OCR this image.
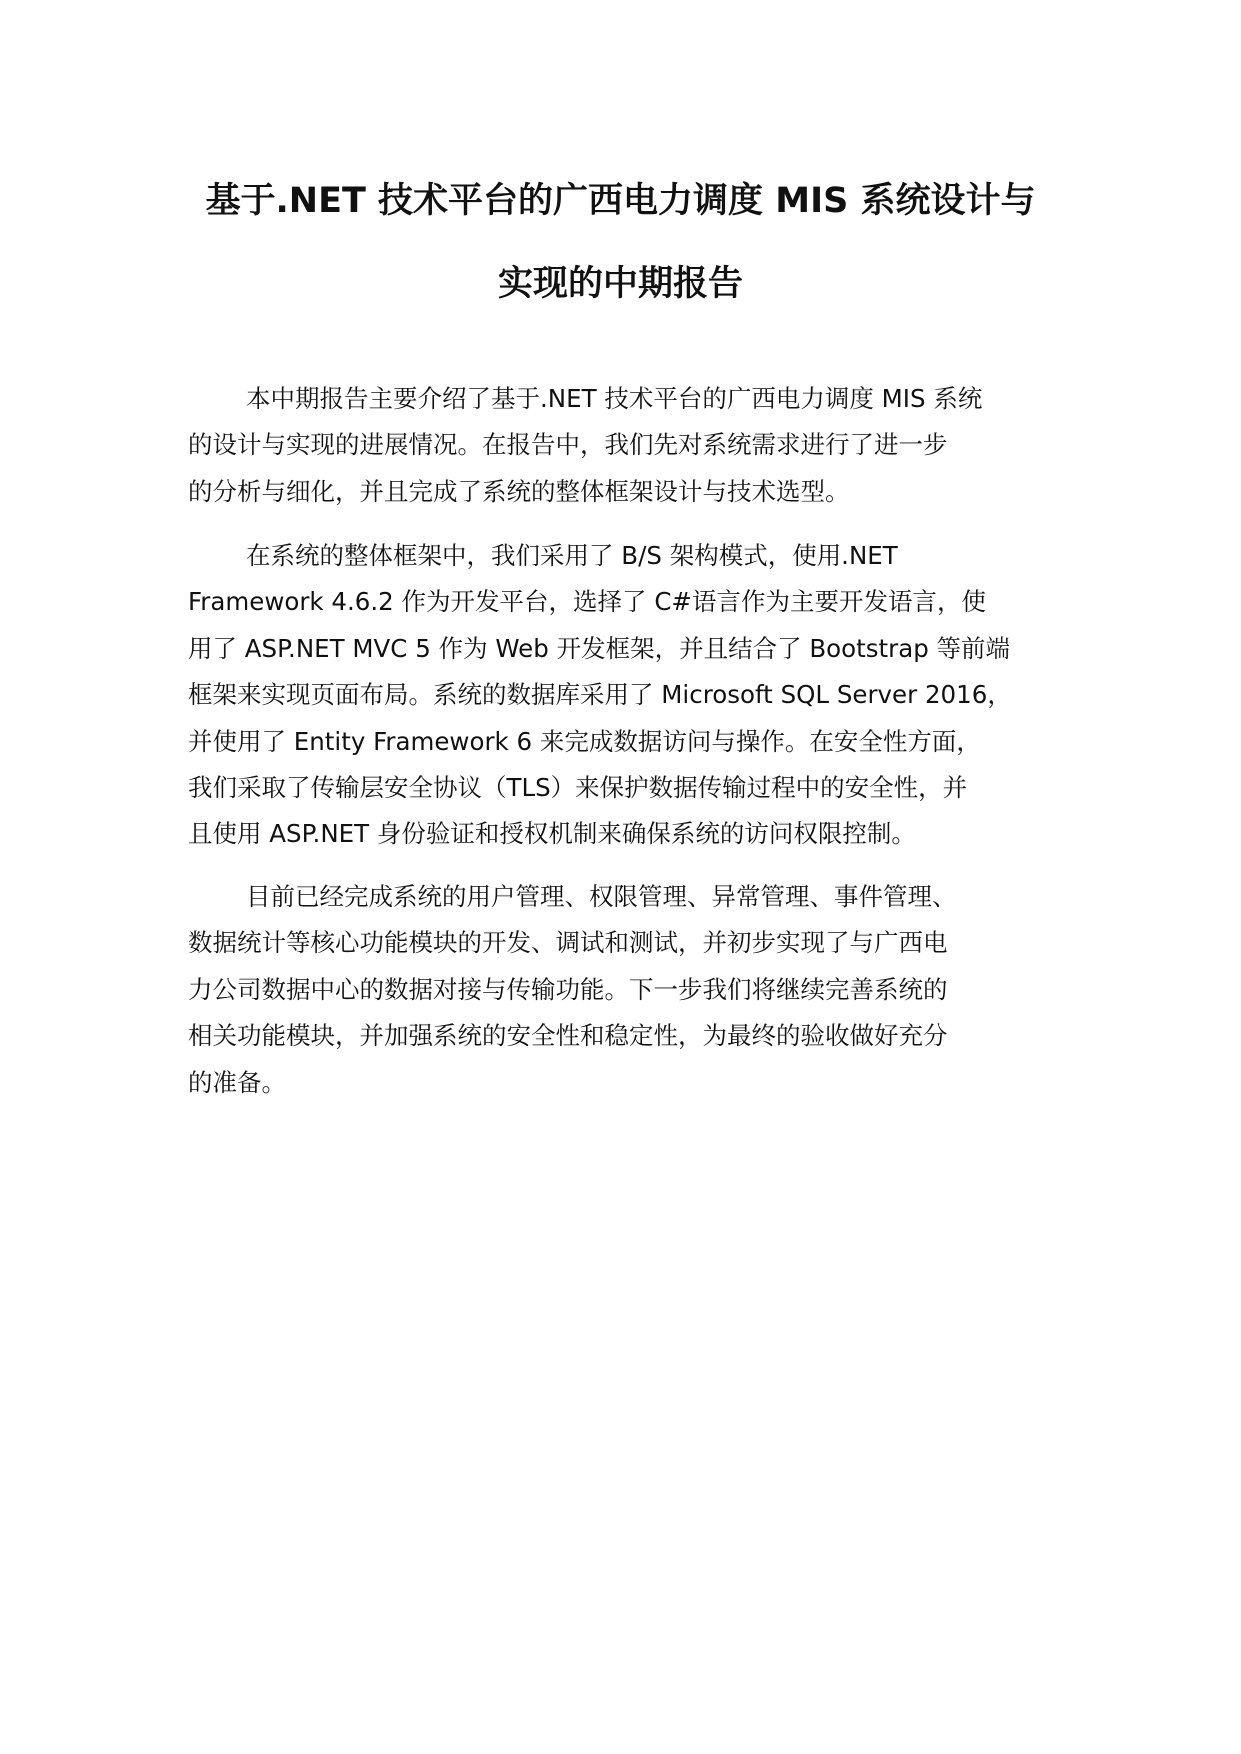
基于.NET 技术平台的广西电力调度 MIS 系统设计与
实现的中期报告
本中期报告主要介绍了基于.NET 技术平台的广西电力调度 MIS 系统
的设计与实现的进展情况。在报告中，我们先对系统需求进行了进一步
的分析与细化，并且完成了系统的整体框架设计与技术选型。
在系统的整体框架中，我们采用了 B/S 架构模式，使用.NET
Framework 4.6.2 作为开发平台，选择了 C#语言作为主要开发语言，使
用了 ASP.NET MVC 5 作为 Web 开发框架，并且结合了 Bootstrap 等前端
框架来实现页面布局。系统的数据库采用了 Microsoft SQL Server 2016，
并使用了 Entity Framework 6 来完成数据访问与操作。在安全性方面，
我们采取了传输层安全协议（TLS）来保护数据传输过程中的安全性，并
且使用 ASP.NET 身份验证和授权机制来确保系统的访问权限控制。
目前已经完成系统的用户管理、权限管理、异常管理、事件管理、
数据统计等核心功能模块的开发、调试和测试，并初步实现了与广西电
力公司数据中心的数据对接与传输功能。下一步我们将继续完善系统的
相关功能模块，并加强系统的安全性和稳定性，为最终的验收做好充分
的准备。
